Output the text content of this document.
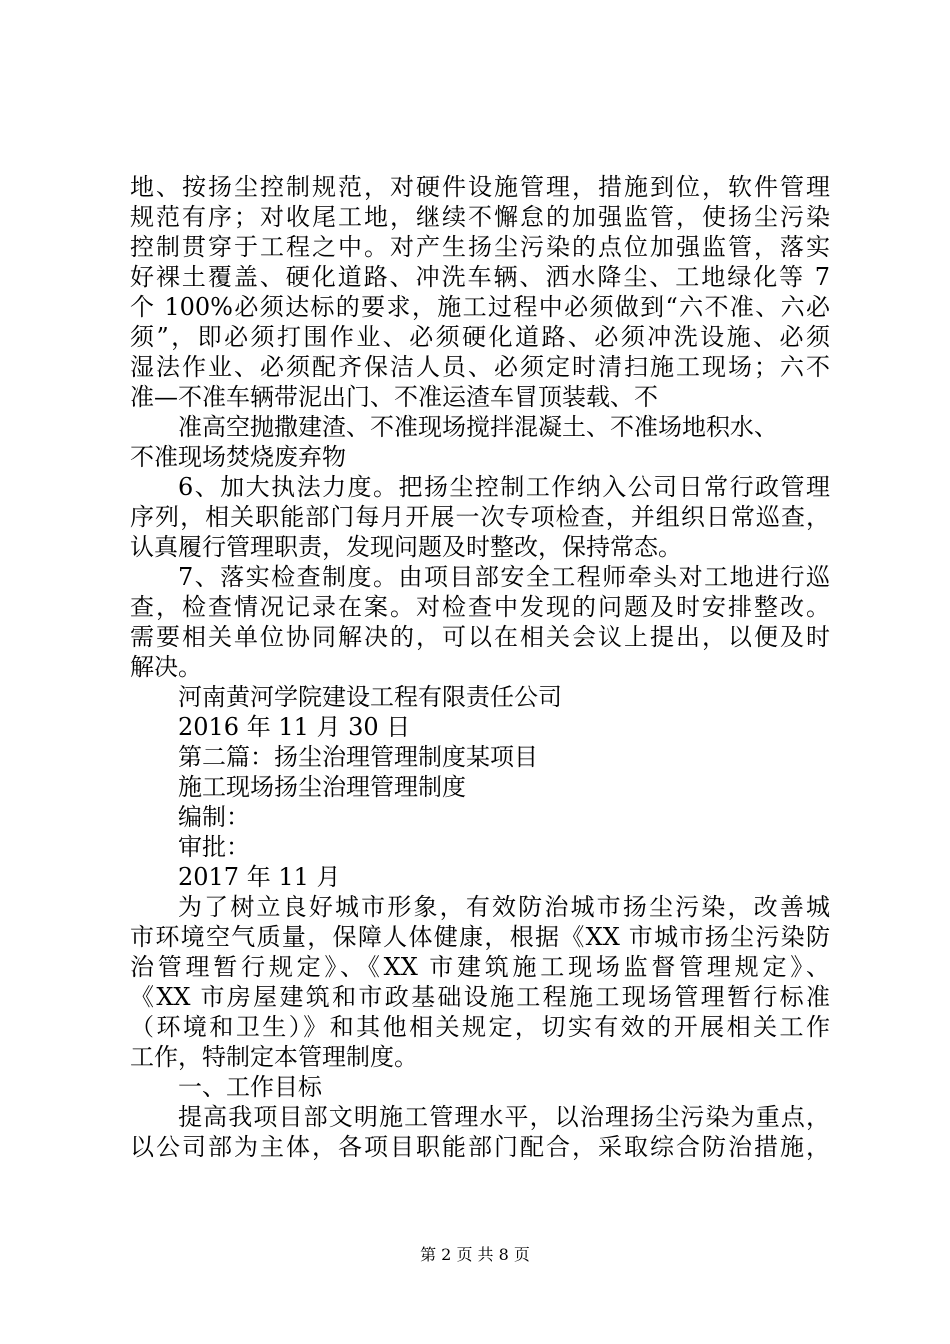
地、按扬尘控制规范，对硬件设施管理，措施到位，软件管理
规范有序；对收尾工地，继续不懈怠的加强监管，使扬尘污染
控制贯穿于工程之中。对产生扬尘污染的点位加强监管，落实
好裸土覆盖、硬化道路、冲洗车辆、洒水降尘、工地绿化等 7
个 100%必须达标的要求，施工过程中必须做到“六不准、六必
须”，即必须打围作业、必须硬化道路、必须冲洗设施、必须
湿法作业、必须配齐保洁人员、必须定时清扫施工现场；六不
准—不准车辆带泥出门、不准运渣车冒顶装载、不
准高空抛撒建渣、不准现场搅拌混凝土、不准场地积水、
不准现场焚烧废弃物
6、加大执法力度。把扬尘控制工作纳入公司日常行政管理
序列，相关职能部门每月开展一次专项检查，并组织日常巡查，
认真履行管理职责，发现问题及时整改，保持常态。
7、落实检查制度。由项目部安全工程师牵头对工地进行巡
查，检查情况记录在案。对检查中发现的问题及时安排整改。
需要相关单位协同解决的，可以在相关会议上提出，以便及时
解决。
河南黄河学院建设工程有限责任公司
2016 年 11 月 30 日
第二篇：扬尘治理管理制度某项目
施工现场扬尘治理管理制度
编制：
审批：
2017 年 11 月
为了树立良好城市形象，有效防治城市扬尘污染，改善城
市环境空气质量，保障人体健康，根据《XX 市城市扬尘污染防
治管理暂行规定》、《XX 市建筑施工现场监督管理规定》、
《XX 市房屋建筑和市政基础设施工程施工现场管理暂行标准
（环境和卫生）》和其他相关规定，切实有效的开展相关工作
工作，特制定本管理制度。
一、工作目标
提高我项目部文明施工管理水平，以治理扬尘污染为重点，
以公司部为主体，各项目职能部门配合，采取综合防治措施，
第 2 页 共 8 页
